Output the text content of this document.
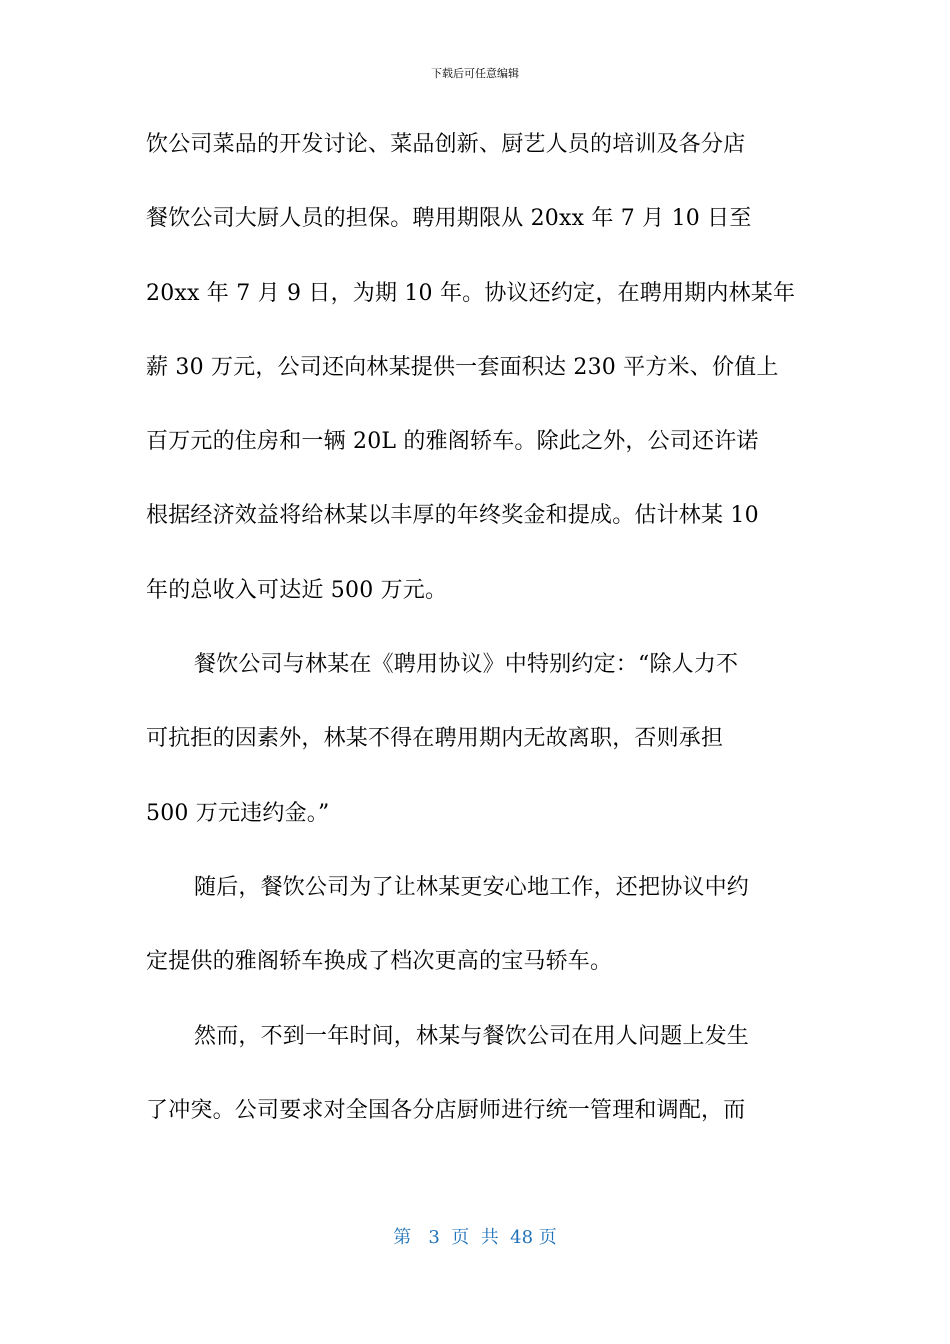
下载后可任意编辑
饮公司菜品的开发讨论、菜品创新、厨艺人员的培训及各分店
餐饮公司大厨人员的担保。聘用期限从 20xx 年 7 月 10 日至
20xx 年 7 月 9 日，为期 10 年。协议还约定，在聘用期内林某年
薪 30 万元，公司还向林某提供一套面积达 230 平方米、价值上
百万元的住房和一辆 20L 的雅阁轿车。除此之外，公司还许诺
根据经济效益将给林某以丰厚的年终奖金和提成。估计林某 10
年的总收入可达近 500 万元。
餐饮公司与林某在《聘用协议》中特别约定：“除人力不
可抗拒的因素外，林某不得在聘用期内无故离职，否则承担
500 万元违约金。”
随后，餐饮公司为了让林某更安心地工作，还把协议中约
定提供的雅阁轿车换成了档次更高的宝马轿车。
然而，不到一年时间，林某与餐饮公司在用人问题上发生
了冲突。公司要求对全国各分店厨师进行统一管理和调配，而
第   3  页  共  48 页
